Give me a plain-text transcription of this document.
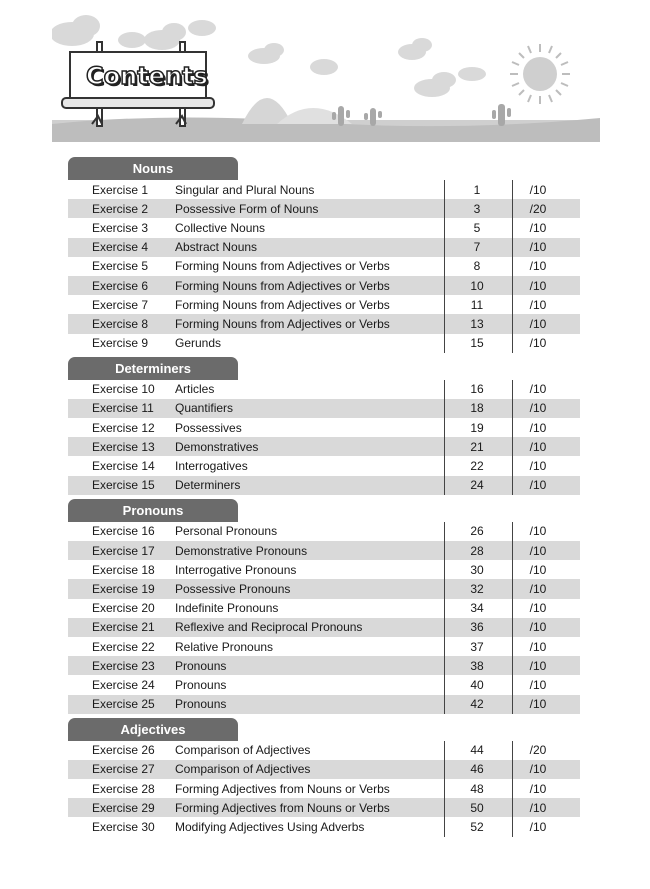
Contents
Nouns
Exercise 1	Singular and Plural Nouns	1	/10
Exercise 2	Possessive Form of Nouns	3	/20
Exercise 3	Collective Nouns	5	/10
Exercise 4	Abstract Nouns	7	/10
Exercise 5	Forming Nouns from Adjectives or Verbs	8	/10
Exercise 6	Forming Nouns from Adjectives or Verbs	10	/10
Exercise 7	Forming Nouns from Adjectives or Verbs	11	/10
Exercise 8	Forming Nouns from Adjectives or Verbs	13	/10
Exercise 9	Gerunds	15	/10
Determiners
Exercise 10	Articles	16	/10
Exercise 11	Quantifiers	18	/10
Exercise 12	Possessives	19	/10
Exercise 13	Demonstratives	21	/10
Exercise 14	Interrogatives	22	/10
Exercise 15	Determiners	24	/10
Pronouns
Exercise 16	Personal Pronouns	26	/10
Exercise 17	Demonstrative Pronouns	28	/10
Exercise 18	Interrogative Pronouns	30	/10
Exercise 19	Possessive Pronouns	32	/10
Exercise 20	Indefinite Pronouns	34	/10
Exercise 21	Reflexive and Reciprocal Pronouns	36	/10
Exercise 22	Relative Pronouns	37	/10
Exercise 23	Pronouns	38	/10
Exercise 24	Pronouns	40	/10
Exercise 25	Pronouns	42	/10
Adjectives
Exercise 26	Comparison of Adjectives	44	/20
Exercise 27	Comparison of Adjectives	46	/10
Exercise 28	Forming Adjectives from Nouns or Verbs	48	/10
Exercise 29	Forming Adjectives from Nouns or Verbs	50	/10
Exercise 30	Modifying Adjectives Using Adverbs	52	/10
